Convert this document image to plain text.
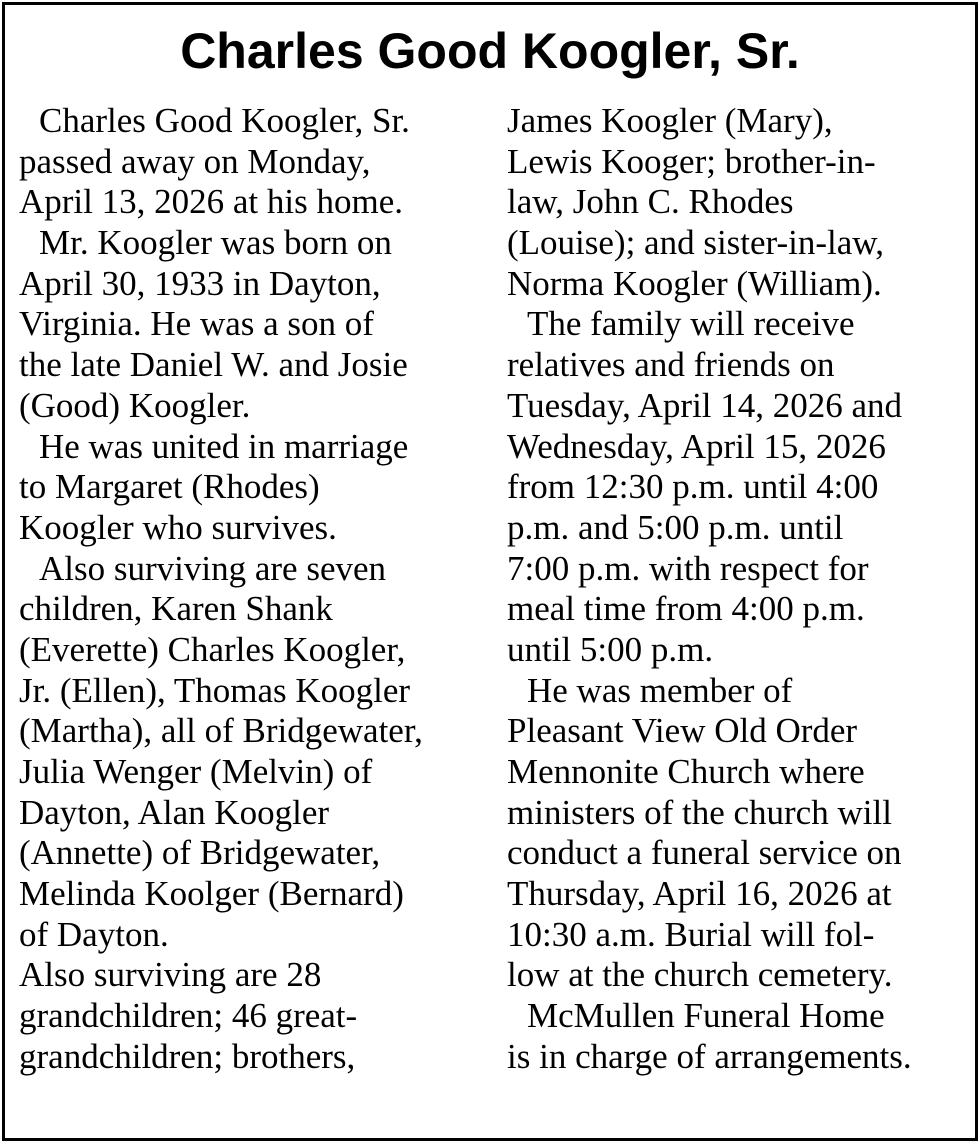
Charles Good Koogler, Sr.
Charles Good Koogler, Sr.
passed away on Monday,
April 13, 2026 at his home.
Mr. Koogler was born on
April 30, 1933 in Dayton,
Virginia. He was a son of
the late Daniel W. and Josie
(Good) Koogler.
He was united in marriage
to Margaret (Rhodes)
Koogler who survives.
Also surviving are seven
children, Karen Shank
(Everette) Charles Koogler,
Jr. (Ellen), Thomas Koogler
(Martha), all of Bridgewater,
Julia Wenger (Melvin) of
Dayton, Alan Koogler
(Annette) of Bridgewater,
Melinda Koolger (Bernard)
of Dayton.
Also surviving are 28
grandchildren; 46 great-
grandchildren; brothers,
James Koogler (Mary),
Lewis Kooger; brother-in-
law, John C. Rhodes
(Louise); and sister-in-law,
Norma Koogler (William).
The family will receive
relatives and friends on
Tuesday, April 14, 2026 and
Wednesday, April 15, 2026
from 12:30 p.m. until 4:00
p.m. and 5:00 p.m. until
7:00 p.m. with respect for
meal time from 4:00 p.m.
until 5:00 p.m.
He was member of
Pleasant View Old Order
Mennonite Church where
ministers of the church will
conduct a funeral service on
Thursday, April 16, 2026 at
10:30 a.m. Burial will fol-
low at the church cemetery.
McMullen Funeral Home
is in charge of arrangements.
